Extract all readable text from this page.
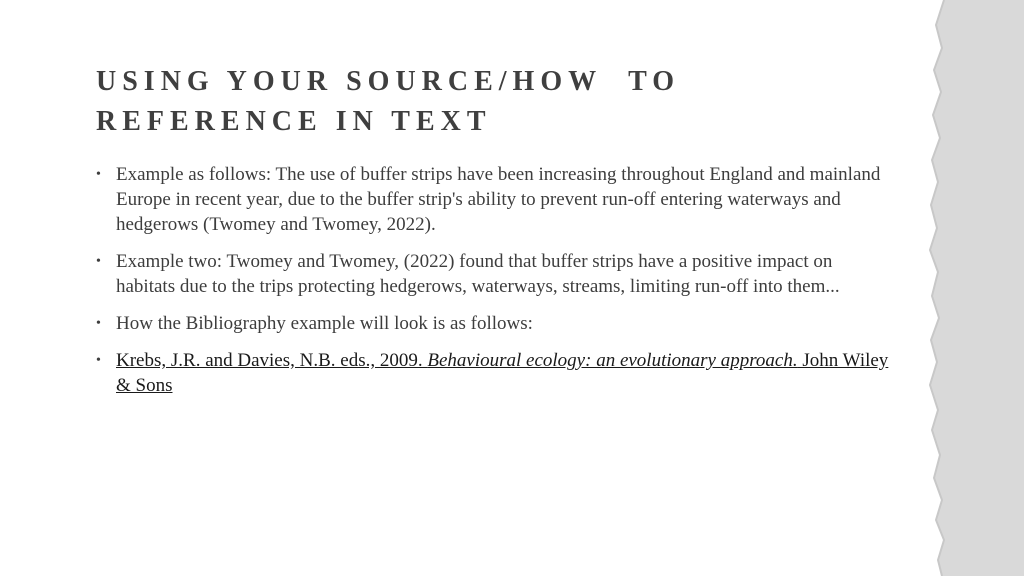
USING YOUR SOURCE/HOW TO
REFERENCE IN TEXT
• Example as follows: The use of buffer strips have been increasing throughout England and mainland Europe in recent year, due to the buffer strip's ability to prevent run-off entering waterways and hedgerows (Twomey and Twomey, 2022).
• Example two: Twomey and Twomey, (2022) found that buffer strips have a positive impact on habitats due to the trips protecting hedgerows, waterways, streams, limiting run-off into them...
• How the Bibliography example will look is as follows:
• Krebs, J.R. and Davies, N.B. eds., 2009. Behavioural ecology: an evolutionary approach. John Wiley & Sons
